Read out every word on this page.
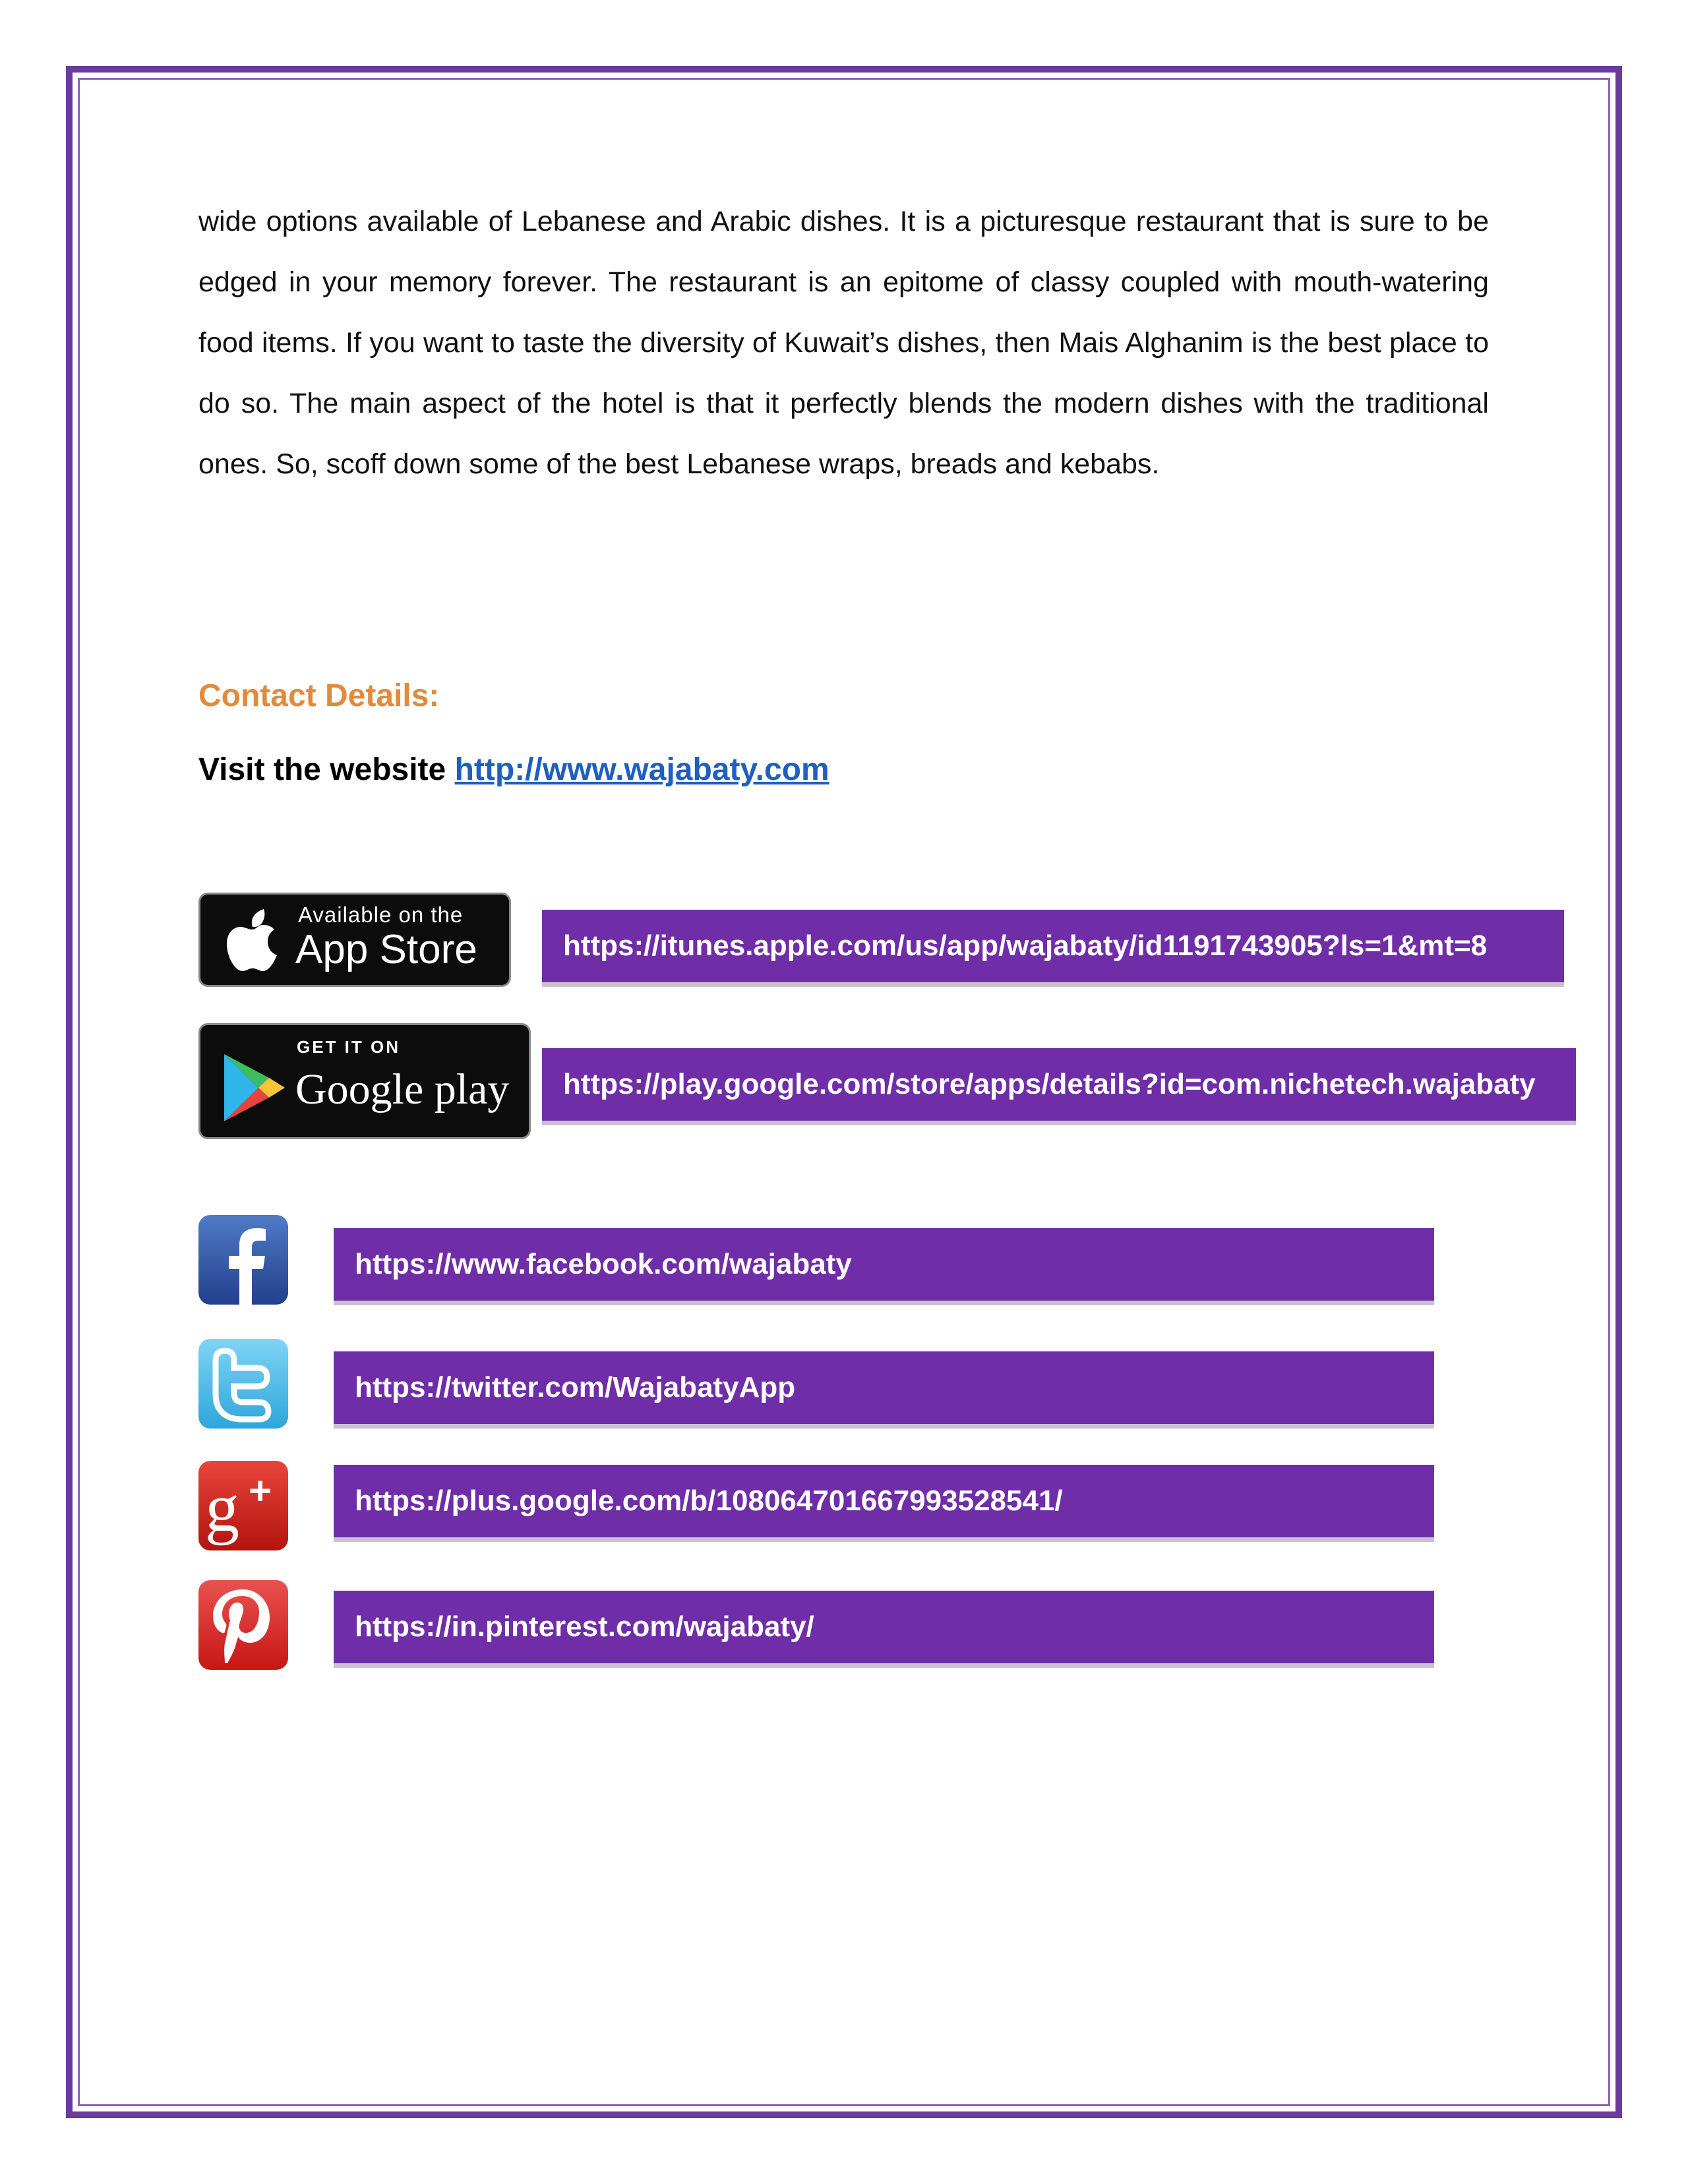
wide options available of Lebanese and Arabic dishes. It is a picturesque restaurant that is sure to be edged in your memory forever. The restaurant is an epitome of classy coupled with mouth-watering food items. If you want to taste the diversity of Kuwait’s dishes, then Mais Alghanim is the best place to do so. The main aspect of the hotel is that it perfectly blends the modern dishes with the traditional ones. So, scoff down some of the best Lebanese wraps, breads and kebabs.

Contact Details:

Visit the website http://www.wajabaty.com

Available on the
App Store	https://itunes.apple.com/us/app/wajabaty/id1191743905?ls=1&mt=8
GET IT ON
Google play https://play.google.com/store/apps/details?id=com.nichetech.wajabaty
https://www.facebook.com/wajabaty
https://twitter.com/WajabatyApp
g +	https://plus.google.com/b/108064701667993528541/
https://in.pinterest.com/wajabaty/
